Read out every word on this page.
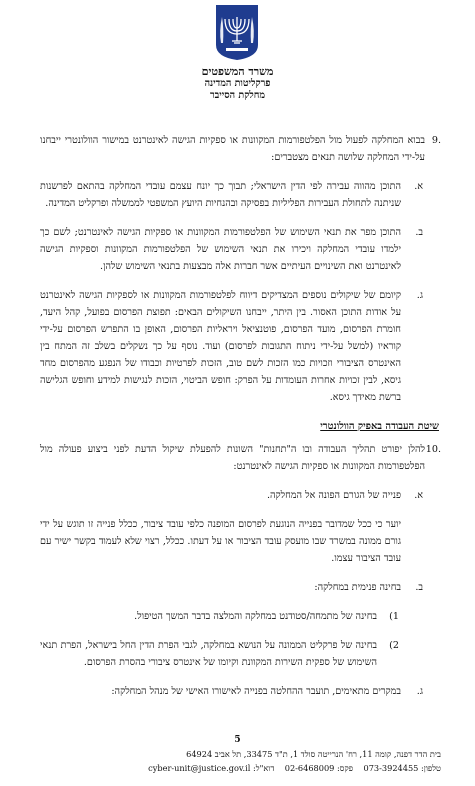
משרד המשפטים
פרקליטות המדינה
מחלקת הסייבר
.9
בבוא המחלקה לפעול מול הפלטפורמות המקוונות או ספקיות הגישה לאינטרנט במישור הוולונטרי ייבחנו על-ידי המחלקה שלושה תנאים מצטברים:
א.
התוכן מהווה עבירה לפי הדין הישראלי; תבוך כך יונח עצמם עובדי המחלקה בהתאם לפרשנות שניתנה לתחולת העבירות הפליליות בפסיקה ובהנחיות היועץ המשפטי לממשלה ופרקליט המדינה.
ב.
התוכן מפר את תנאי השימוש של הפלטפורמות המקוונות או ספקיות הגישה לאינטרנט; לשם כך ילמדו עובדי המחלקה ויכירו את תנאי השימוש של הפלטפורמות המקוונות וספקיות הגישה לאינטרנט ואת השינויים העיתיים אשר חברות אלה מבצעות בתנאי השימוש שלהן.
ג.
קיומם של שיקולים נוספים המצדיקים דיווח לפלטפורמות המקוונות או לספקיות הגישה לאינטרנט על אודות התוכן האסור. בין היתר, ייבחנו השיקולים הבאים: תפוצת הפרסום בפועל, קהל היעד, חומרת הפרסום, מועד הפרסום, פוטנציאל ויראליות הפרסום, האופן בו התפרש הפרסום על-ידי קוראיו (למשל על-ידי ניתוח התגובות לפרסום) ועוד. נוסף על כך נשקלים בשלב זה המתח בין האינטרס הציבורי וזכויות כמו הזכות לשם טוב, הזכות לפרטיות וכבודו של הנפגע מהפרסום מחד גיסא, לבין זכויות אחרות העומדות על הפרק: חופש הביטוי, הזכות לנגישות למידע וחופש הגלישה ברשת מאידך גיסא.
שיטת העבודה באפיק הוולונטרי
.10
להלן יפורט תהליך העבודה ובו ה"תחנות" השונות להפעלת שיקול הדעת לפני ביצוע פעולה מול הפלטפורמות המקוונות או ספקיות הגישה לאינטרנט:
א.
פנייה של הגורם הפונה אל המחלקה.
יוער כי ככל שמדובר בפנייה הנוגעת לפרסום המופנה כלפי עובד ציבור, ככלל פנייה זו תוגש על ידי גורם ממונה במשרד שבו מועסק עובד הציבור או על דעתו. ככלל, רצוי שלא לעמוד בקשר ישיר עם עובד הציבור עצמו.
ב.
בחינה פנימית במחלקה:
1)
בחינה של מתמחה/סטודנט במחלקה והמלצה בדבר המשך הטיפול.
2)
בחינה של פרקליט הממונה על הנושא במחלקה, לגבי הפרת הדין החל בישראל, הפרת תנאי השימוש של ספקית השירות המקוונת וקיומו של אינטרס ציבורי בהסרת הפרסום.
ג.
במקרים מתאימים, תועבר ההחלטה בפנייה לאישורו האישי של מנהל המחלקה:
5
בית הדר דפנה, קומה 11, רח' הנרייטה סולד 1, ת"ד 33475, תל אביב 64924
טלפון: 073-3924455    פקס: 02-6468009    דוא"ל: cyber-unit@justice.gov.il
